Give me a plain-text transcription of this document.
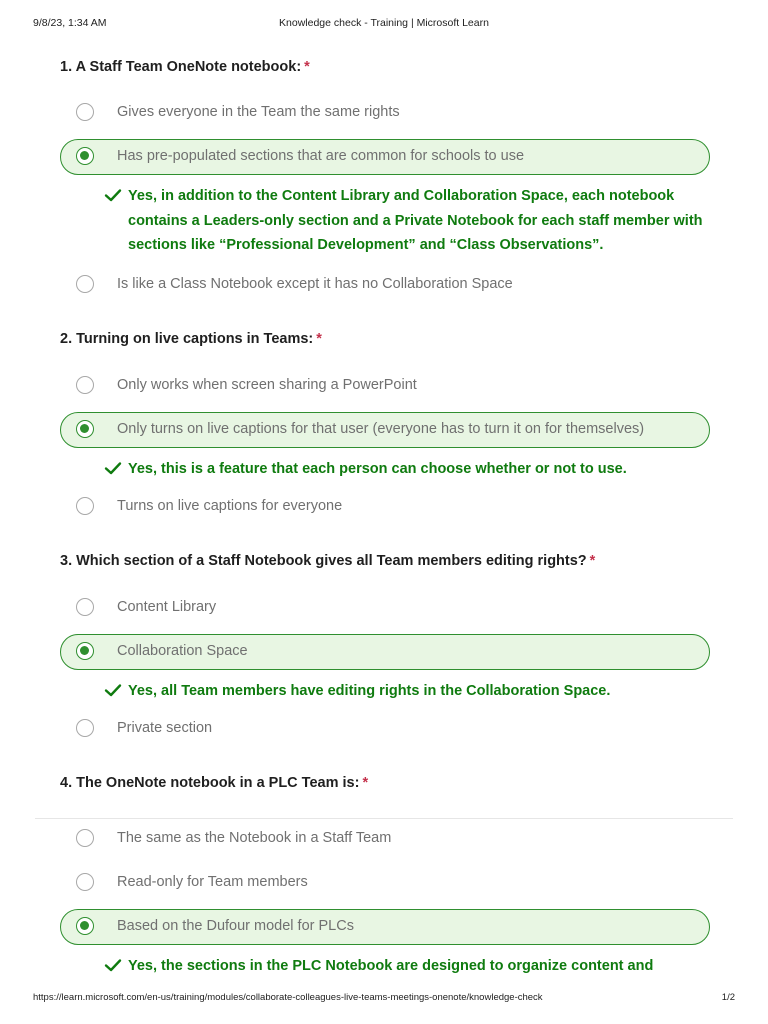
9/8/23, 1:34 AM	Knowledge check - Training | Microsoft Learn
1. A Staff Team OneNote notebook: *
Gives everyone in the Team the same rights
Has pre-populated sections that are common for schools to use
Yes, in addition to the Content Library and Collaboration Space, each notebook contains a Leaders-only section and a Private Notebook for each staff member with sections like “Professional Development” and “Class Observations”.
Is like a Class Notebook except it has no Collaboration Space
2. Turning on live captions in Teams: *
Only works when screen sharing a PowerPoint
Only turns on live captions for that user (everyone has to turn it on for themselves)
Yes, this is a feature that each person can choose whether or not to use.
Turns on live captions for everyone
3. Which section of a Staff Notebook gives all Team members editing rights? *
Content Library
Collaboration Space
Yes, all Team members have editing rights in the Collaboration Space.
Private section
4. The OneNote notebook in a PLC Team is: *
The same as the Notebook in a Staff Team
Read-only for Team members
Based on the Dufour model for PLCs
Yes, the sections in the PLC Notebook are designed to organize content and
https://learn.microsoft.com/en-us/training/modules/collaborate-colleagues-live-teams-meetings-onenote/knowledge-check	1/2
